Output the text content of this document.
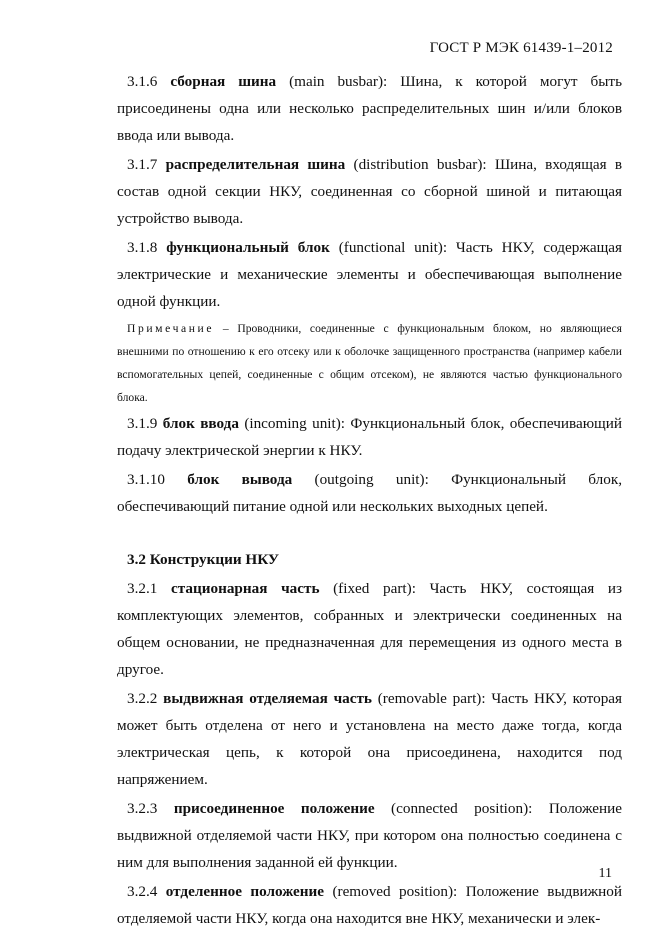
ГОСТ Р МЭК 61439-1–2012

3.1.6 сборная шина (main busbar): Шина, к которой могут быть присоединены одна или несколько распределительных шин и/или блоков ввода или вывода.

3.1.7 распределительная шина (distribution busbar): Шина, входящая в состав одной секции НКУ, соединенная со сборной шиной и питающая устройство вывода.

3.1.8 функциональный блок (functional unit): Часть НКУ, содержащая электрические и механические элементы и обеспечивающая выполнение одной функции.

Примечание – Проводники, соединенные с функциональным блоком, но являющиеся внешними по отношению к его отсеку или к оболочке защищенного пространства (например кабели вспомогательных цепей, соединенные с общим отсеком), не являются частью функционального блока.

3.1.9 блок ввода (incoming unit): Функциональный блок, обеспечивающий подачу электрической энергии к НКУ.

3.1.10 блок вывода (outgoing unit): Функциональный блок, обеспечивающий питание одной или нескольких выходных цепей.

3.2 Конструкции НКУ

3.2.1 стационарная часть (fixed part): Часть НКУ, состоящая из комплектующих элементов, собранных и электрически соединенных на общем основании, не предназначенная для перемещения из одного места в другое.

3.2.2 выдвижная отделяемая часть (removable part): Часть НКУ, которая может быть отделена от него и установлена на место даже тогда, когда электрическая цепь, к которой она присоединена, находится под напряжением.

3.2.3 присоединенное положение (connected position): Положение выдвижной отделяемой части НКУ, при котором она полностью соединена с ним для выполнения заданной ей функции.

3.2.4 отделенное положение (removed position): Положение выдвижной отделяемой части НКУ, когда она находится вне НКУ, механически и элек-

11
